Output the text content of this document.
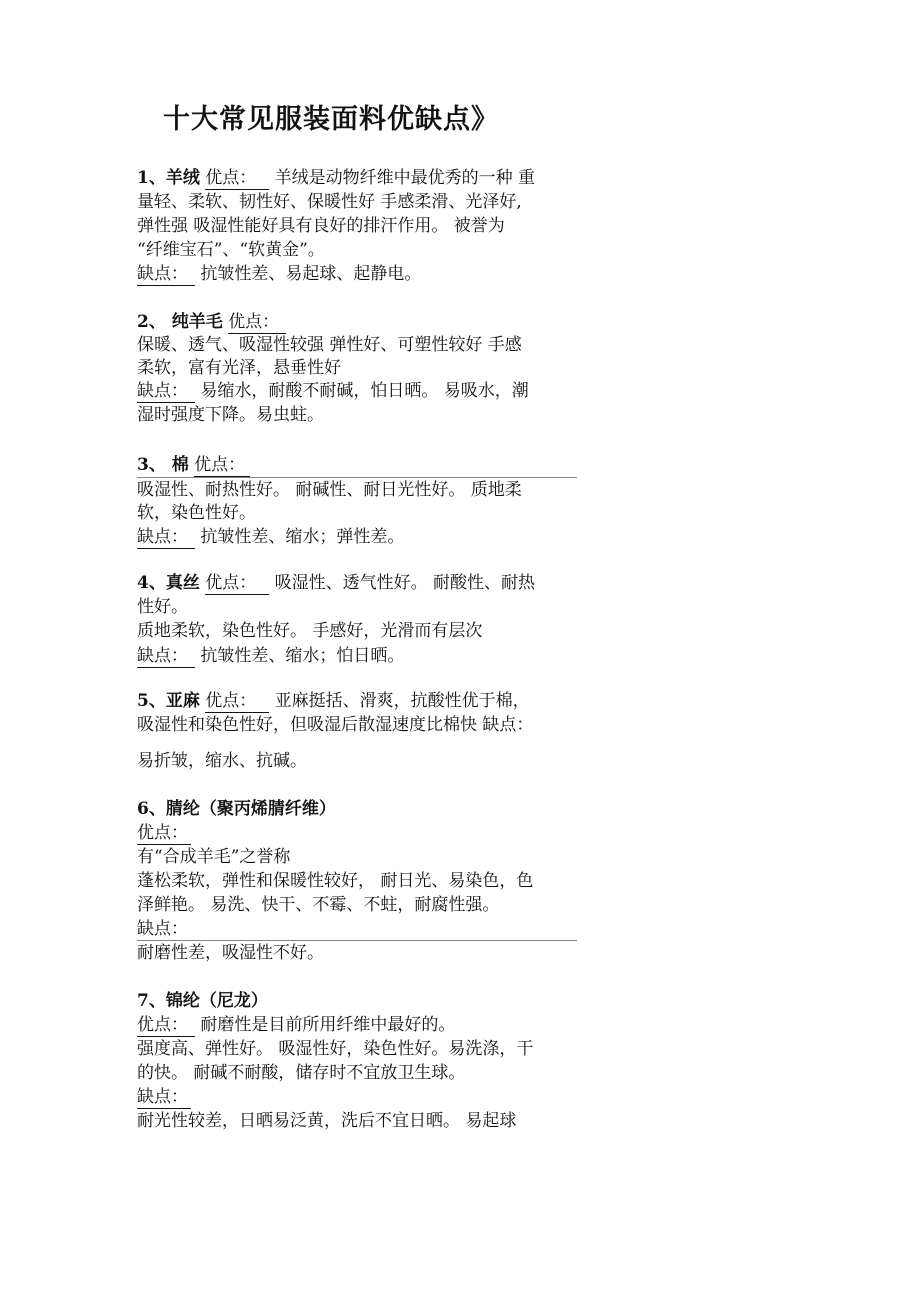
十大常见服装面料优缺点》
1、羊绒 优点： 羊绒是动物纤维中最优秀的一种 重
量轻、柔软、韧性好、保暖性好 手感柔滑、光泽好,
弹性强 吸湿性能好具有良好的排汗作用。 被誉为
“纤维宝石”、“软黄金”。
缺点： 抗皱性差、易起球、起静电。
2、 纯羊毛 优点：
保暖、透气、吸湿性较强 弹性好、可塑性较好 手感
柔软，富有光泽，悬垂性好
缺点： 易缩水，耐酸不耐碱，怕日晒。 易吸水，潮
湿时强度下降。易虫蛀。
3、 棉 优点：
吸湿性、耐热性好。 耐碱性、耐日光性好。 质地柔
软，染色性好。
缺点： 抗皱性差、缩水；弹性差。
4、真丝 优点： 吸湿性、透气性好。 耐酸性、耐热
性好。
质地柔软，染色性好。 手感好，光滑而有层次
缺点： 抗皱性差、缩水；怕日晒。
5、亚麻 优点： 亚麻挺括、滑爽，抗酸性优于棉，
吸湿性和染色性好，但吸湿后散湿速度比棉快 缺点：
易折皱，缩水、抗碱。
6、腈纶（聚丙烯腈纤维）
优点：
有“合成羊毛”之誉称
蓬松柔软，弹性和保暖性较好， 耐日光、易染色，色
泽鲜艳。 易洗、快干、不霉、不蛀，耐腐性强。
缺点：
耐磨性差，吸湿性不好。
7、锦纶（尼龙）
优点： 耐磨性是目前所用纤维中最好的。
强度高、弹性好。 吸湿性好，染色性好。易洗涤，干
的快。 耐碱不耐酸，储存时不宜放卫生球。
缺点：
耐光性较差，日晒易泛黄，洗后不宜日晒。 易起球
